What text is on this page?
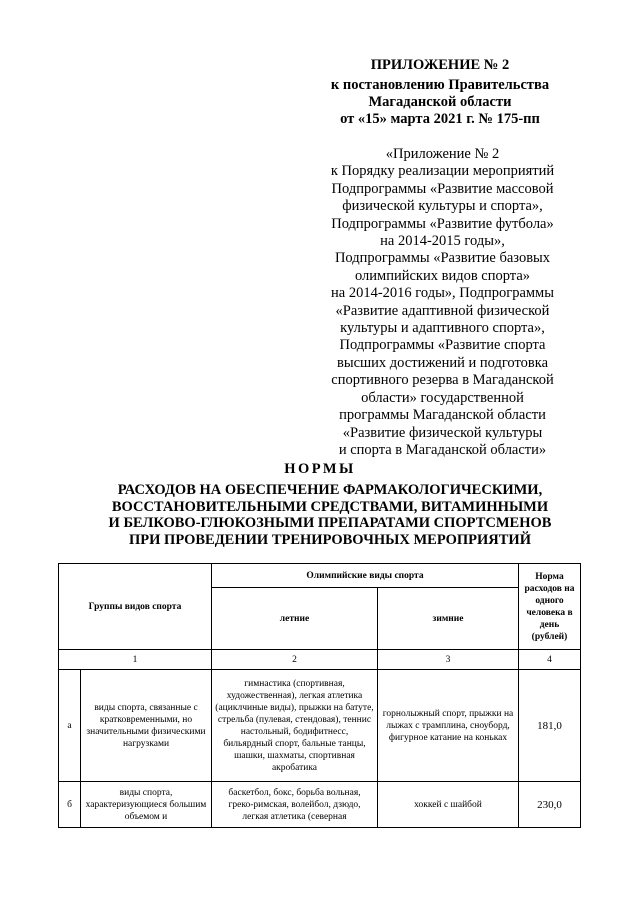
ПРИЛОЖЕНИЕ № 2
к постановлению Правительства
Магаданской области
от «15» марта 2021 г. № 175-пп
«Приложение № 2
к Порядку реализации мероприятий
Подпрограммы «Развитие массовой
физической культуры и спорта»,
Подпрограммы «Развитие футбола»
на 2014-2015 годы»,
Подпрограммы «Развитие базовых
олимпийских видов спорта»
на 2014-2016 годы», Подпрограммы
«Развитие адаптивной физической
культуры и адаптивного спорта»,
Подпрограммы «Развитие спорта
высших достижений и подготовка
спортивного резерва в Магаданской
области» государственной
программы Магаданской области
«Развитие физической культуры
и спорта в Магаданской области»
НОРМЫ
РАСХОДОВ НА ОБЕСПЕЧЕНИЕ ФАРМАКОЛОГИЧЕСКИМИ,
ВОССТАНОВИТЕЛЬНЫМИ СРЕДСТВАМИ, ВИТАМИННЫМИ
И БЕЛКОВО-ГЛЮКОЗНЫМИ ПРЕПАРАТАМИ СПОРТСМЕНОВ
ПРИ ПРОВЕДЕНИИ ТРЕНИРОВОЧНЫХ МЕРОПРИЯТИЙ
Группы видов спорта		Олимпийские виды спорта		Норма расходов на одного человека в день (рублей)
		летние	зимние	
1		2	3	4
а	виды спорта, связанные с кратковременными, но значительными физическими нагрузками	гимнастика (спортивная, художественная), легкая атлетика (ациклчиные виды), прыжки на батуте, стрельба (пулевая, стендовая), теннис настольный, бодифитнесс, бильярдный спорт, бальные танцы, шашки, шахматы, спортивная акробатика	горнолыжный спорт, прыжки на лыжах с трамплина, сноуборд, фигурное катание на коньках	181,0
б	виды спорта, характеризующиеся большим объемом и	баскетбол, бокс, борьба вольная, греко-римская, волейбол, дзюдо, легкая атлетика (северная	хоккей с шайбой	230,0
